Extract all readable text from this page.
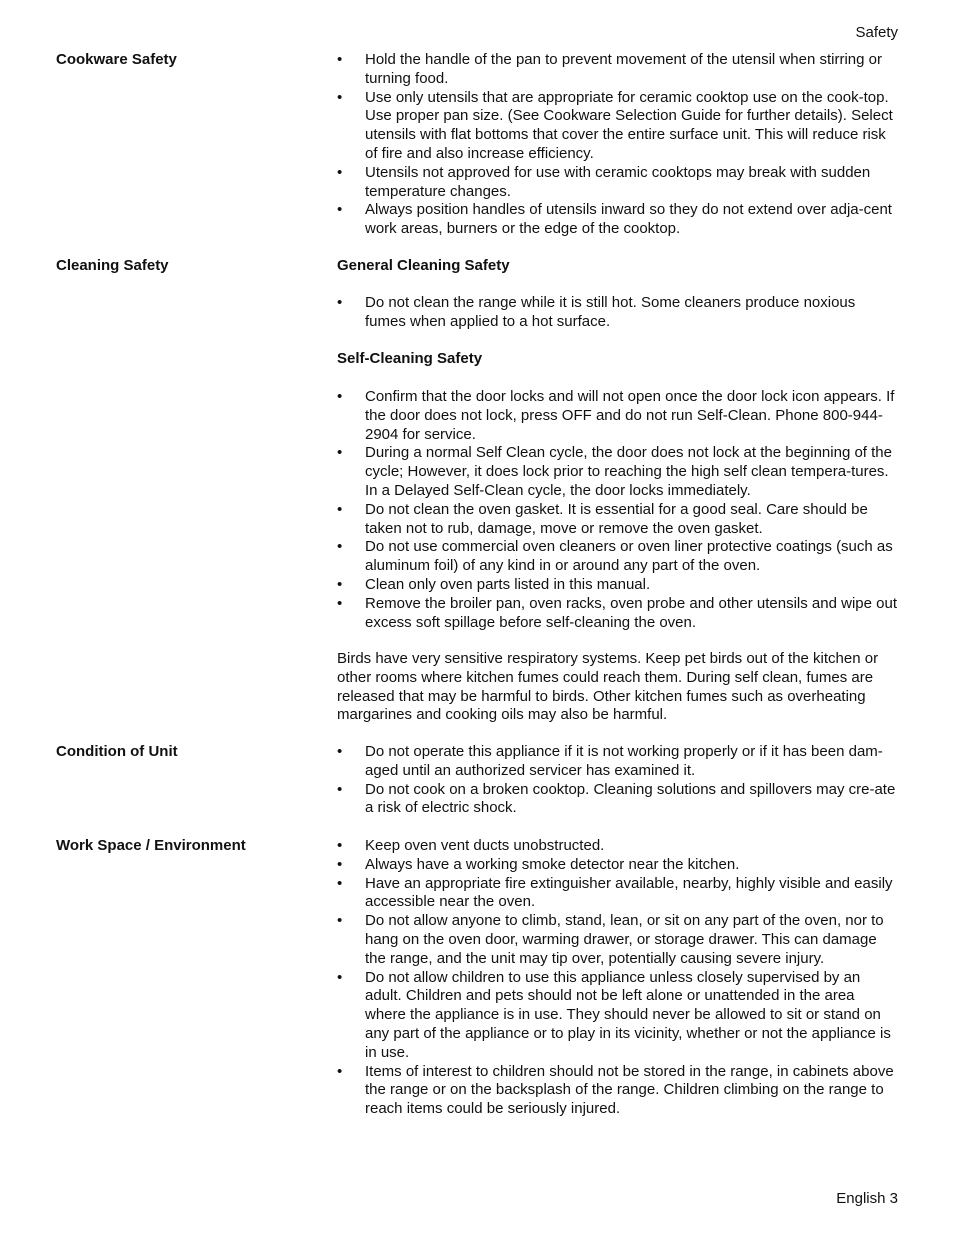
Safety
Cookware Safety	• Hold the handle of the pan to prevent movement of the utensil when stirring or turning food.
• Use only utensils that are appropriate for ceramic cooktop use on the cook-top. Use proper pan size. (See Cookware Selection Guide for further details). Select utensils with flat bottoms that cover the entire surface unit. This will reduce risk of fire and also increase efficiency.
• Utensils not approved for use with ceramic cooktops may break with sudden temperature changes.
• Always position handles of utensils inward so they do not extend over adja-cent work areas, burners or the edge of the cooktop.
Cleaning Safety	General Cleaning Safety
• Do not clean the range while it is still hot. Some cleaners produce noxious fumes when applied to a hot surface.
Self-Cleaning Safety
• Confirm that the door locks and will not open once the door lock icon appears. If the door does not lock, press OFF and do not run Self-Clean. Phone 800-944-2904 for service.
• During a normal Self Clean cycle, the door does not lock at the beginning of the cycle; However, it does lock prior to reaching the high self clean tempera-tures. In a Delayed Self-Clean cycle, the door locks immediately.
• Do not clean the oven gasket. It is essential for a good seal. Care should be taken not to rub, damage, move or remove the oven gasket.
• Do not use commercial oven cleaners or oven liner protective coatings (such as aluminum foil) of any kind in or around any part of the oven.
• Clean only oven parts listed in this manual.
• Remove the broiler pan, oven racks, oven probe and other utensils and wipe out excess soft spillage before self-cleaning the oven.

Birds have very sensitive respiratory systems. Keep pet birds out of the kitchen or other rooms where kitchen fumes could reach them. During self clean, fumes are released that may be harmful to birds. Other kitchen fumes such as overheating margarines and cooking oils may also be harmful.

Condition of Unit	• Do not operate this appliance if it is not working properly or if it has been dam-aged until an authorized servicer has examined it.
• Do not cook on a broken cooktop. Cleaning solutions and spillovers may cre-ate a risk of electric shock.
Work Space / Environment	• Keep oven vent ducts unobstructed.
• Always have a working smoke detector near the kitchen.
• Have an appropriate fire extinguisher available, nearby, highly visible and easily accessible near the oven.
• Do not allow anyone to climb, stand, lean, or sit on any part of the oven, nor to hang on the oven door, warming drawer, or storage drawer. This can damage the range, and the unit may tip over, potentially causing severe injury.
• Do not allow children to use this appliance unless closely supervised by an adult. Children and pets should not be left alone or unattended in the area where the appliance is in use. They should never be allowed to sit or stand on any part of the appliance or to play in its vicinity, whether or not the appliance is in use.
• Items of interest to children should not be stored in the range, in cabinets above the range or on the backsplash of the range. Children climbing on the range to reach items could be seriously injured.
English 3
